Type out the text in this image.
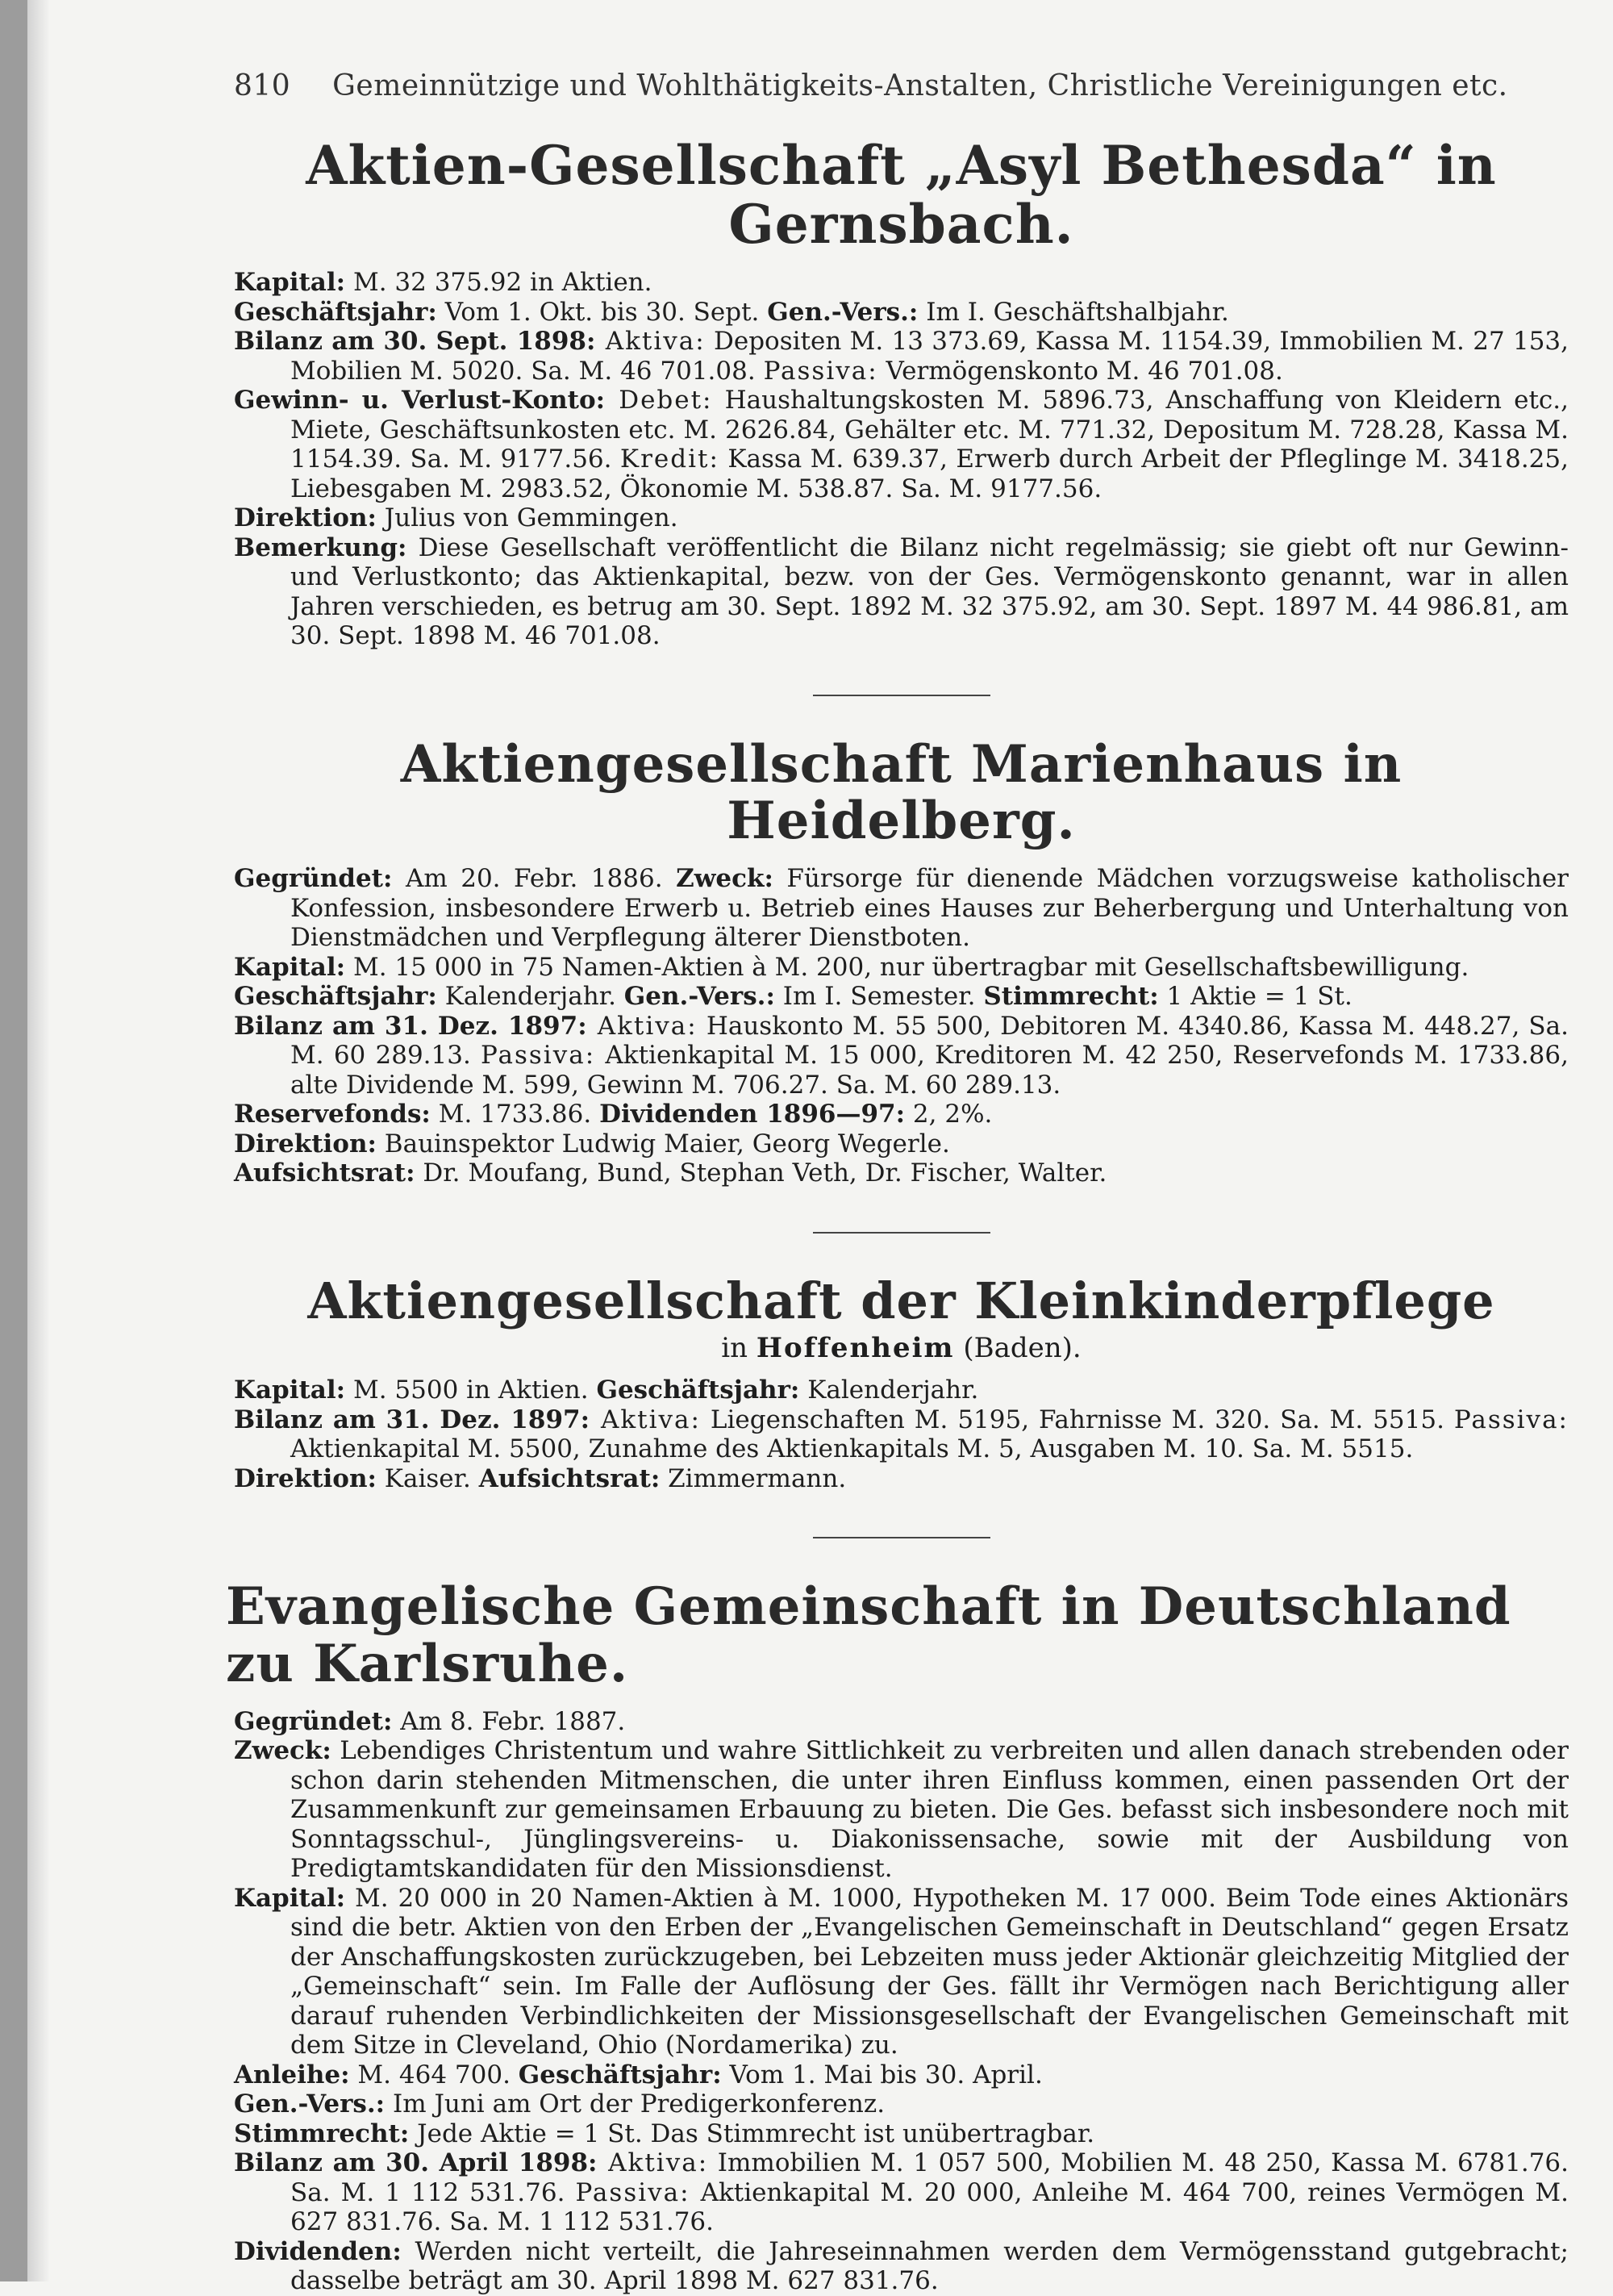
810 Gemeinnützige und Wohlthätigkeits-Anstalten, Christliche Vereinigungen etc.
Aktien-Gesellschaft „Asyl Bethesda“ in Gernsbach.

Kapital: M. 32 375.92 in Aktien.

Geschäftsjahr: Vom 1. Okt. bis 30. Sept. Gen.-Vers.: Im I. Geschäftshalbjahr.

Bilanz am 30. Sept. 1898: Aktiva: Depositen M. 13 373.69, Kassa M. 1154.39, Immobilien M. 27 153, Mobilien M. 5020. Sa. M. 46 701.08. Passiva: Vermögenskonto M. 46 701.08.

Gewinn- u. Verlust-Konto: Debet: Haushaltungskosten M. 5896.73, Anschaffung von Kleidern etc., Miete, Geschäftsunkosten etc. M. 2626.84, Gehälter etc. M. 771.32, Depositum M. 728.28, Kassa M. 1154.39. Sa. M. 9177.56. Kredit: Kassa M. 639.37, Erwerb durch Arbeit der Pfleglinge M. 3418.25, Liebesgaben M. 2983.52, Ökonomie M. 538.87. Sa. M. 9177.56.

Direktion: Julius von Gemmingen.

Bemerkung: Diese Gesellschaft veröffentlicht die Bilanz nicht regelmässig; sie giebt oft nur Gewinn- und Verlustkonto; das Aktienkapital, bezw. von der Ges. Vermögenskonto genannt, war in allen Jahren verschieden, es betrug am 30. Sept. 1892 M. 32 375.92, am 30. Sept. 1897 M. 44 986.81, am 30. Sept. 1898 M. 46 701.08.

Aktiengesellschaft Marienhaus in Heidelberg.

Gegründet: Am 20. Febr. 1886. Zweck: Fürsorge für dienende Mädchen vorzugsweise katholischer Konfession, insbesondere Erwerb u. Betrieb eines Hauses zur Beherbergung und Unterhaltung von Dienstmädchen und Verpflegung älterer Dienstboten.

Kapital: M. 15 000 in 75 Namen-Aktien à M. 200, nur übertragbar mit Gesellschaftsbewilligung.

Geschäftsjahr: Kalenderjahr. Gen.-Vers.: Im I. Semester. Stimmrecht: 1 Aktie = 1 St.

Bilanz am 31. Dez. 1897: Aktiva: Hauskonto M. 55 500, Debitoren M. 4340.86, Kassa M. 448.27, Sa. M. 60 289.13. Passiva: Aktienkapital M. 15 000, Kreditoren M. 42 250, Reservefonds M. 1733.86, alte Dividende M. 599, Gewinn M. 706.27. Sa. M. 60 289.13.

Reservefonds: M. 1733.86. Dividenden 1896—97: 2, 2%.

Direktion: Bauinspektor Ludwig Maier, Georg Wegerle.

Aufsichtsrat: Dr. Moufang, Bund, Stephan Veth, Dr. Fischer, Walter.

Aktiengesellschaft der Kleinkinderpflege
in Hoffenheim (Baden).

Kapital: M. 5500 in Aktien. Geschäftsjahr: Kalenderjahr.

Bilanz am 31. Dez. 1897: Aktiva: Liegenschaften M. 5195, Fahrnisse M. 320. Sa. M. 5515. Passiva: Aktienkapital M. 5500, Zunahme des Aktienkapitals M. 5, Ausgaben M. 10. Sa. M. 5515.

Direktion: Kaiser. Aufsichtsrat: Zimmermann.

Evangelische Gemeinschaft in Deutschland zu Karlsruhe.

Gegründet: Am 8. Febr. 1887.

Zweck: Lebendiges Christentum und wahre Sittlichkeit zu verbreiten und allen danach strebenden oder schon darin stehenden Mitmenschen, die unter ihren Einfluss kommen, einen passenden Ort der Zusammenkunft zur gemeinsamen Erbauung zu bieten. Die Ges. befasst sich insbesondere noch mit Sonntagsschul-, Jünglingsvereins- u. Diakonissensache, sowie mit der Ausbildung von Predigtamtskandidaten für den Missionsdienst.

Kapital: M. 20 000 in 20 Namen-Aktien à M. 1000, Hypotheken M. 17 000. Beim Tode eines Aktionärs sind die betr. Aktien von den Erben der „Evangelischen Gemeinschaft in Deutschland“ gegen Ersatz der Anschaffungskosten zurückzugeben, bei Lebzeiten muss jeder Aktionär gleichzeitig Mitglied der „Gemeinschaft“ sein. Im Falle der Auflösung der Ges. fällt ihr Vermögen nach Berichtigung aller darauf ruhenden Verbindlichkeiten der Missionsgesellschaft der Evangelischen Gemeinschaft mit dem Sitze in Cleveland, Ohio (Nordamerika) zu.

Anleihe: M. 464 700. Geschäftsjahr: Vom 1. Mai bis 30. April.

Gen.-Vers.: Im Juni am Ort der Predigerkonferenz.

Stimmrecht: Jede Aktie = 1 St. Das Stimmrecht ist unübertragbar.

Bilanz am 30. April 1898: Aktiva: Immobilien M. 1 057 500, Mobilien M. 48 250, Kassa M. 6781.76. Sa. M. 1 112 531.76. Passiva: Aktienkapital M. 20 000, Anleihe M. 464 700, reines Vermögen M. 627 831.76. Sa. M. 1 112 531.76.

Dividenden: Werden nicht verteilt, die Jahreseinnahmen werden dem Vermögensstand gutgebracht; dasselbe beträgt am 30. April 1898 M. 627 831.76.
